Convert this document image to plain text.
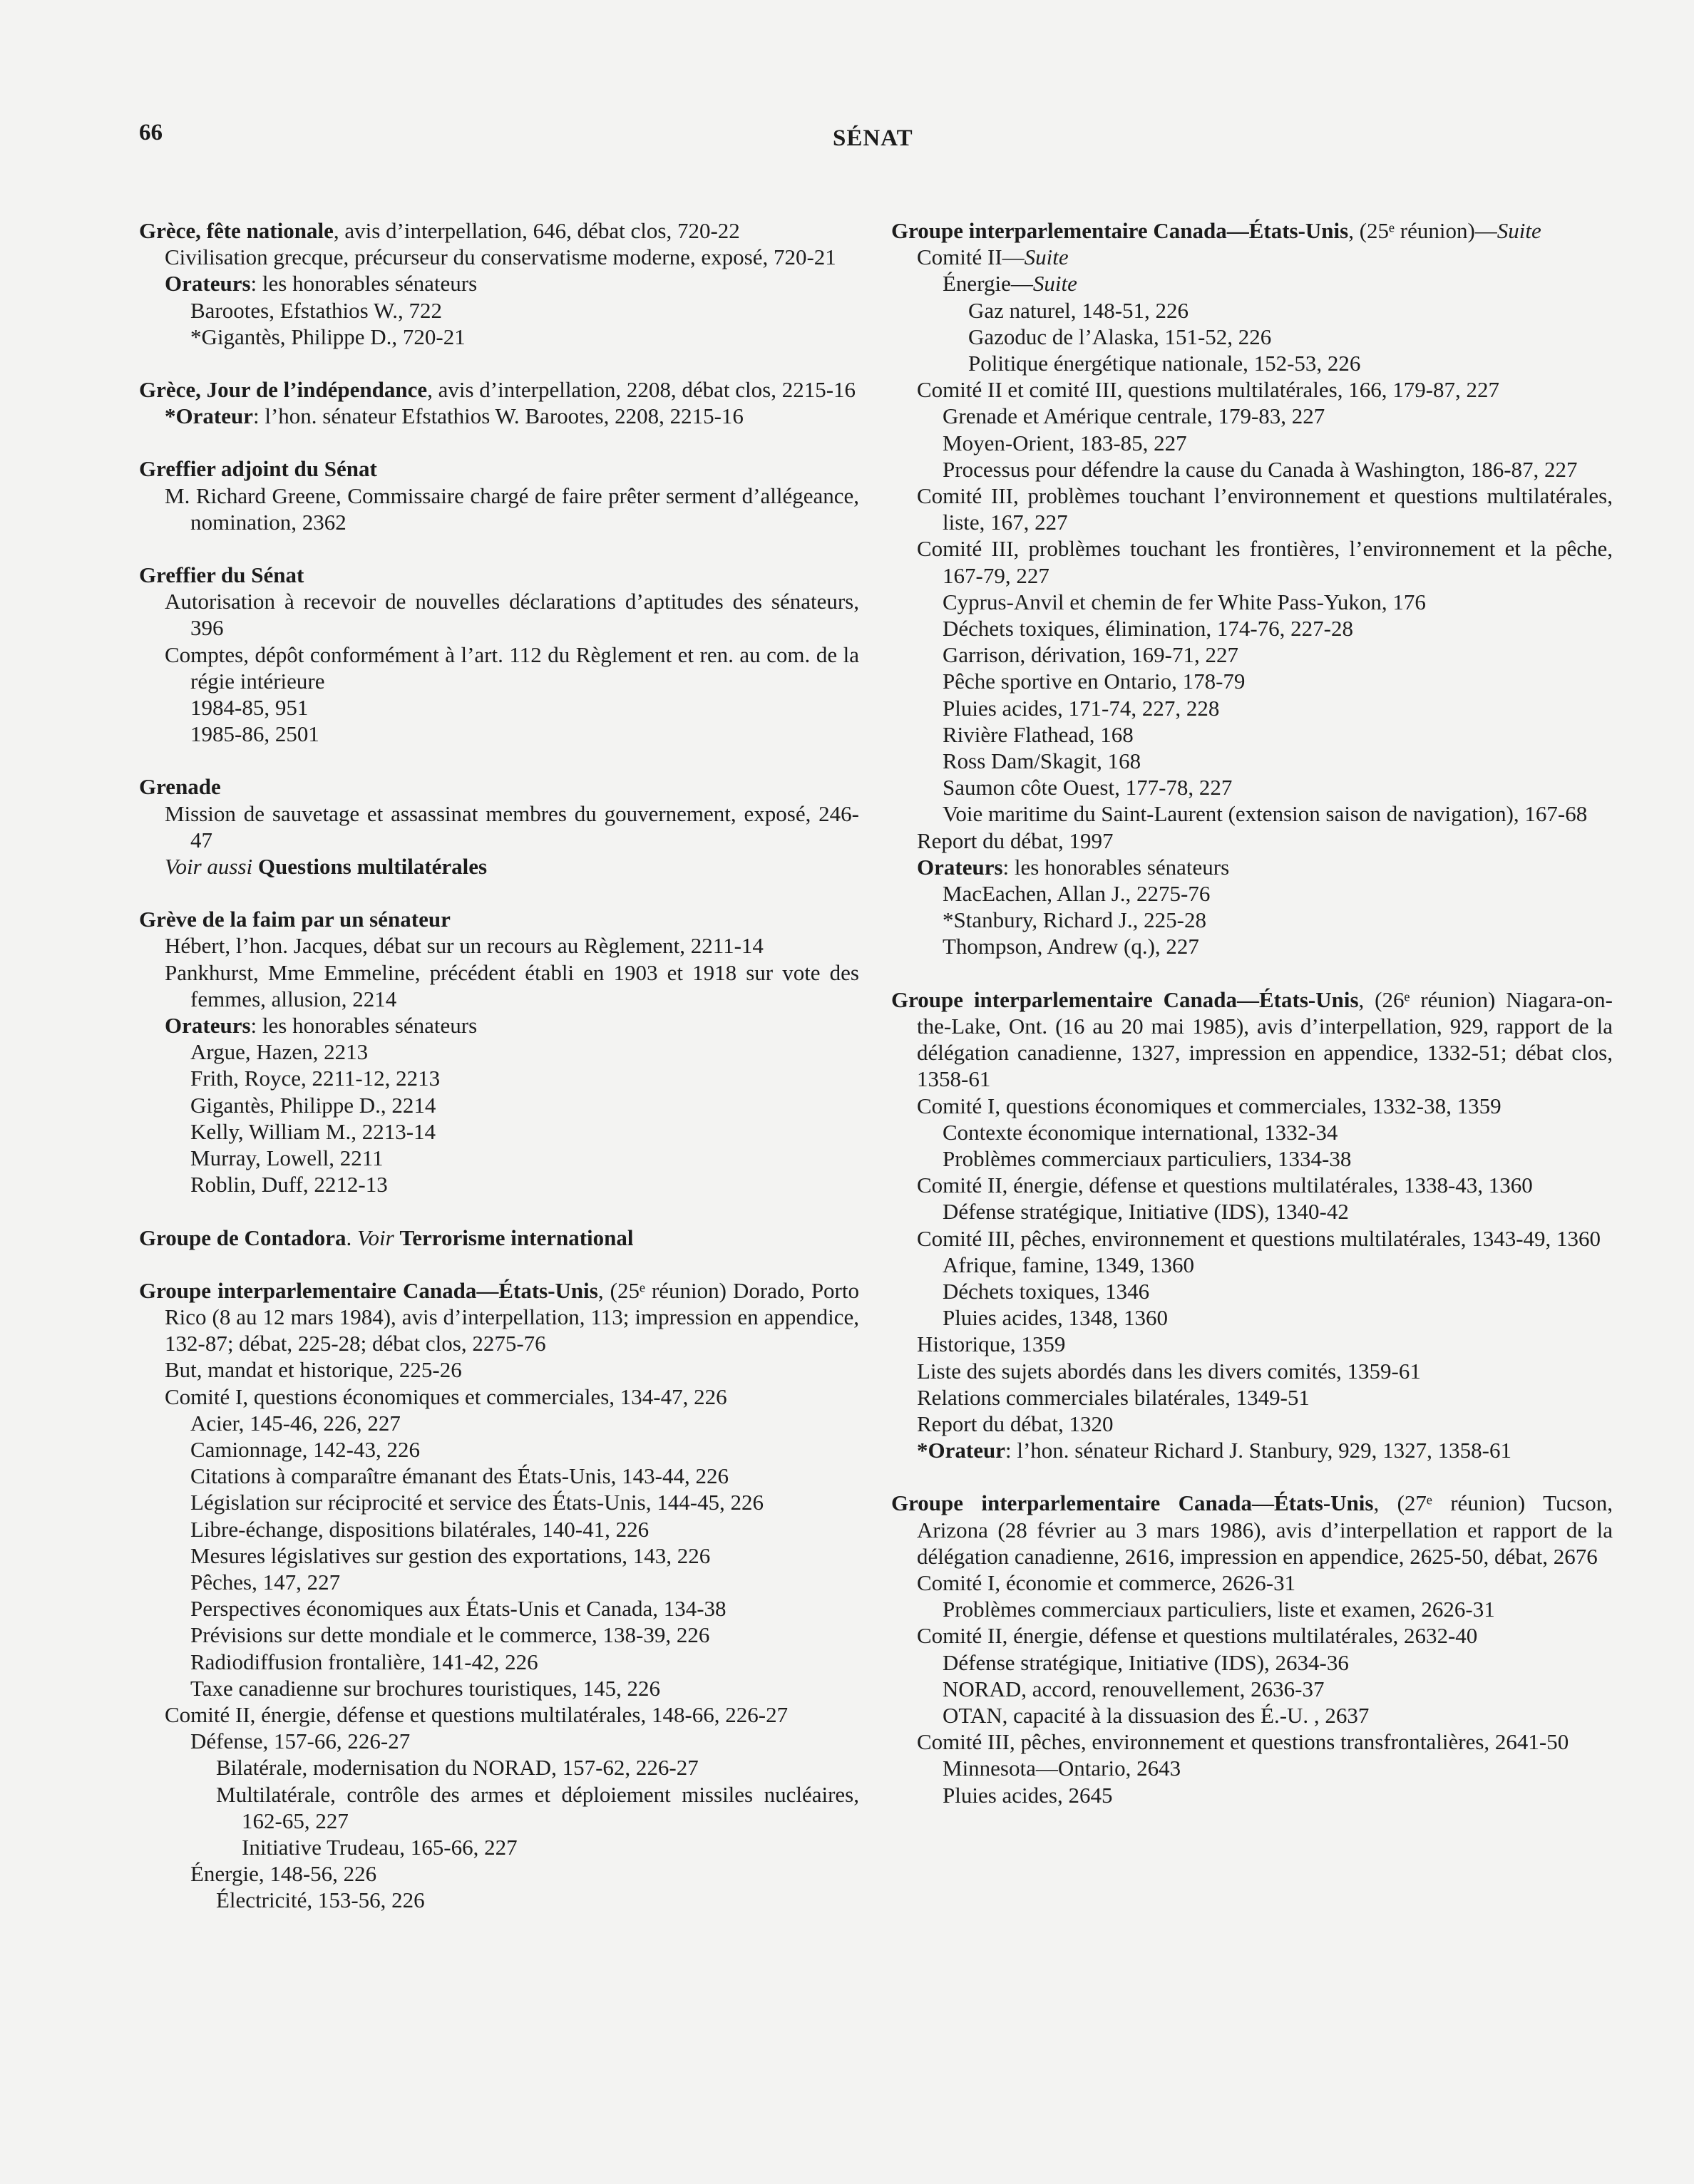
66	SÉNAT
Grèce, fête nationale, avis d’interpellation, 646, débat clos, 720-22
Civilisation grecque, précurseur du conservatisme moderne, exposé, 720-21
Orateurs: les honorables sénateurs
Barootes, Efstathios W., 722
*Gigantès, Philippe D., 720-21
Grèce, Jour de l’indépendance, avis d’interpellation, 2208, débat clos, 2215-16
*Orateur: l’hon. sénateur Efstathios W. Barootes, 2208, 2215-16
Greffier adjoint du Sénat
M. Richard Greene, Commissaire chargé de faire prêter serment d’allégeance, nomination, 2362
Greffier du Sénat
Autorisation à recevoir de nouvelles déclarations d’aptitudes des sénateurs, 396
Comptes, dépôt conformément à l’art. 112 du Règlement et ren. au com. de la régie intérieure
1984-85, 951
1985-86, 2501
Grenade
Mission de sauvetage et assassinat membres du gouvernement, exposé, 246-47
Voir aussi Questions multilatérales
Grève de la faim par un sénateur
Hébert, l’hon. Jacques, débat sur un recours au Règlement, 2211-14
Pankhurst, Mme Emmeline, précédent établi en 1903 et 1918 sur vote des femmes, allusion, 2214
Orateurs: les honorables sénateurs
Argue, Hazen, 2213
Frith, Royce, 2211-12, 2213
Gigantès, Philippe D., 2214
Kelly, William M., 2213-14
Murray, Lowell, 2211
Roblin, Duff, 2212-13
Groupe de Contadora. Voir Terrorisme international
Groupe interparlementaire Canada—États-Unis, (25ᵉ réunion) Dorado, Porto Rico (8 au 12 mars 1984), avis d’interpellation, 113; impression en appendice, 132-87; débat, 225-28; débat clos, 2275-76
But, mandat et historique, 225-26
Comité I, questions économiques et commerciales, 134-47, 226
Acier, 145-46, 226, 227
Camionnage, 142-43, 226
Citations à comparaître émanant des États-Unis, 143-44, 226
Législation sur réciprocité et service des États-Unis, 144-45, 226
Libre-échange, dispositions bilatérales, 140-41, 226
Mesures législatives sur gestion des exportations, 143, 226
Pêches, 147, 227
Perspectives économiques aux États-Unis et Canada, 134-38
Prévisions sur dette mondiale et le commerce, 138-39, 226
Radiodiffusion frontalière, 141-42, 226
Taxe canadienne sur brochures touristiques, 145, 226
Comité II, énergie, défense et questions multilatérales, 148-66, 226-27
Défense, 157-66, 226-27
Bilatérale, modernisation du NORAD, 157-62, 226-27
Multilatérale, contrôle des armes et déploiement missiles nucléaires, 162-65, 227
Initiative Trudeau, 165-66, 227
Énergie, 148-56, 226
Électricité, 153-56, 226
Groupe interparlementaire Canada—États-Unis, (25ᵉ réunion)—Suite
Comité II—Suite
Énergie—Suite
Gaz naturel, 148-51, 226
Gazoduc de l’Alaska, 151-52, 226
Politique énergétique nationale, 152-53, 226
Comité II et comité III, questions multilatérales, 166, 179-87, 227
Grenade et Amérique centrale, 179-83, 227
Moyen-Orient, 183-85, 227
Processus pour défendre la cause du Canada à Washington, 186-87, 227
Comité III, problèmes touchant l’environnement et questions multilatérales, liste, 167, 227
Comité III, problèmes touchant les frontières, l’environnement et la pêche, 167-79, 227
Cyprus-Anvil et chemin de fer White Pass-Yukon, 176
Déchets toxiques, élimination, 174-76, 227-28
Garrison, dérivation, 169-71, 227
Pêche sportive en Ontario, 178-79
Pluies acides, 171-74, 227, 228
Rivière Flathead, 168
Ross Dam/Skagit, 168
Saumon côte Ouest, 177-78, 227
Voie maritime du Saint-Laurent (extension saison de navigation), 167-68
Report du débat, 1997
Orateurs: les honorables sénateurs
MacEachen, Allan J., 2275-76
*Stanbury, Richard J., 225-28
Thompson, Andrew (q.), 227
Groupe interparlementaire Canada—États-Unis, (26ᵉ réunion) Niagara-on-the-Lake, Ont. (16 au 20 mai 1985), avis d’interpellation, 929, rapport de la délégation canadienne, 1327, impression en appendice, 1332-51; débat clos, 1358-61
Comité I, questions économiques et commerciales, 1332-38, 1359
Contexte économique international, 1332-34
Problèmes commerciaux particuliers, 1334-38
Comité II, énergie, défense et questions multilatérales, 1338-43, 1360
Défense stratégique, Initiative (IDS), 1340-42
Comité III, pêches, environnement et questions multilatérales, 1343-49, 1360
Afrique, famine, 1349, 1360
Déchets toxiques, 1346
Pluies acides, 1348, 1360
Historique, 1359
Liste des sujets abordés dans les divers comités, 1359-61
Relations commerciales bilatérales, 1349-51
Report du débat, 1320
*Orateur: l’hon. sénateur Richard J. Stanbury, 929, 1327, 1358-61
Groupe interparlementaire Canada—États-Unis, (27ᵉ réunion) Tucson, Arizona (28 février au 3 mars 1986), avis d’interpellation et rapport de la délégation canadienne, 2616, impression en appendice, 2625-50, débat, 2676
Comité I, économie et commerce, 2626-31
Problèmes commerciaux particuliers, liste et examen, 2626-31
Comité II, énergie, défense et questions multilatérales, 2632-40
Défense stratégique, Initiative (IDS), 2634-36
NORAD, accord, renouvellement, 2636-37
OTAN, capacité à la dissuasion des É.-U. , 2637
Comité III, pêches, environnement et questions transfrontalières, 2641-50
Minnesota—Ontario, 2643
Pluies acides, 2645
